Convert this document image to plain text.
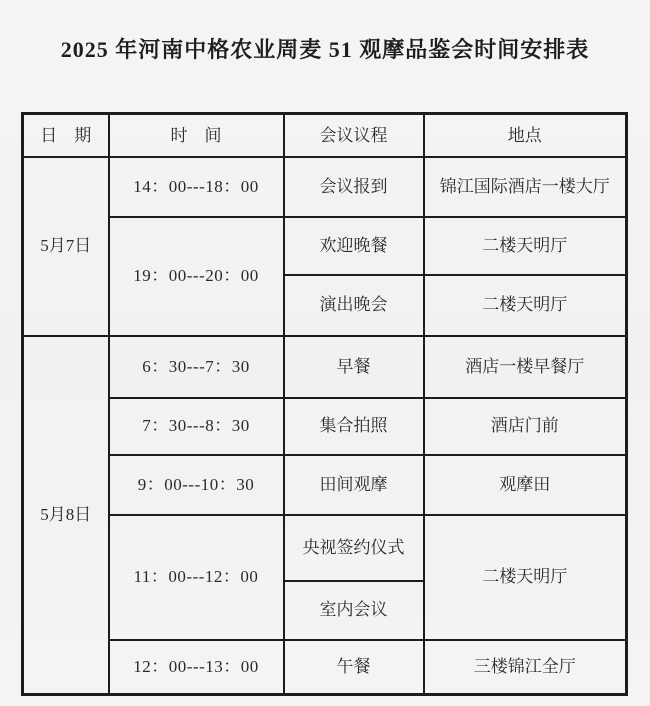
2025 年河南中格农业周麦 51 观摩品鉴会时间安排表
日　期	时　间	会议议程	地点
5月7日	14：00---18：00	会议报到	锦江国际酒店一楼大厅
	19：00---20：00	欢迎晚餐	二楼天明厅
		演出晚会	二楼天明厅
5月8日	6：30---7：30	早餐	酒店一楼早餐厅
	7：30---8：30	集合拍照	酒店门前
	9：00---10：30	田间观摩	观摩田
	11：00---12：00	央视签约仪式	二楼天明厅
		室内会议	
	12：00---13：00	午餐	三楼锦江全厅
